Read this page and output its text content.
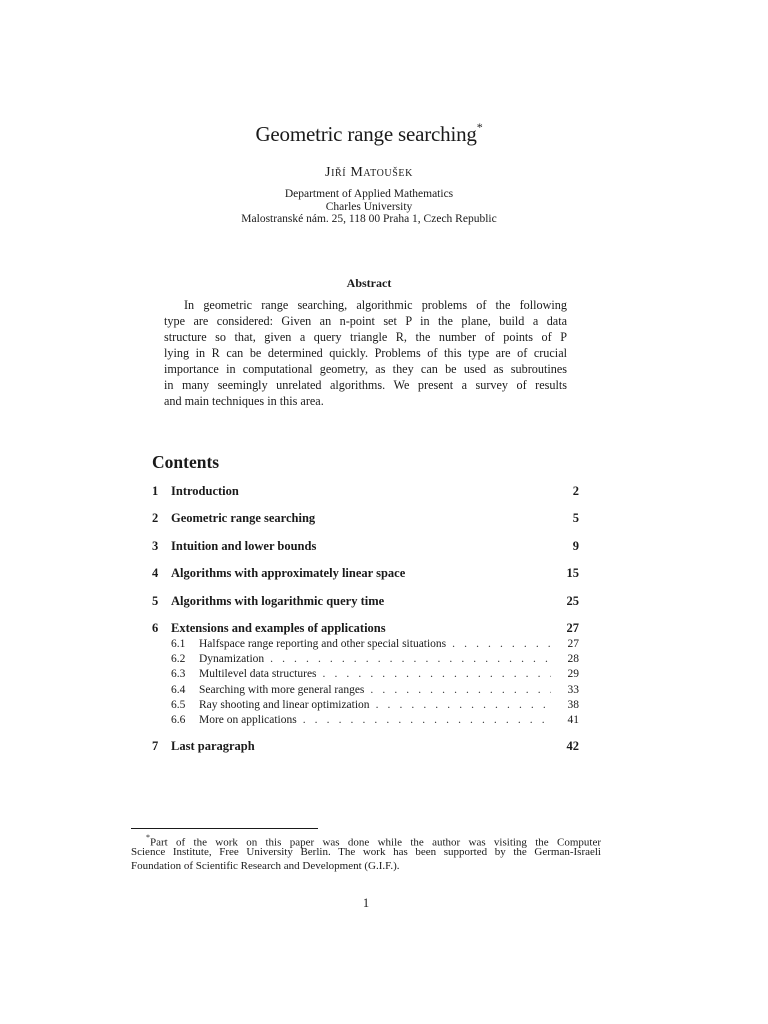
Geometric range searching*
Jiří Matoušek
Department of Applied Mathematics
Charles University
Malostranské nám. 25, 118 00 Praha 1, Czech Republic
Abstract
In geometric range searching, algorithmic problems of the following
type are considered: Given an n-point set P in the plane, build a data
structure so that, given a query triangle R, the number of points of P
lying in R can be determined quickly. Problems of this type are of crucial
importance in computational geometry, as they can be used as subroutines
in many seemingly unrelated algorithms. We present a survey of results
and main techniques in this area.
Contents
1	Introduction	2
2	Geometric range searching	5
3	Intuition and lower bounds	9
4	Algorithms with approximately linear space	15
5	Algorithms with logarithmic query time	25
6	Extensions and examples of applications	27
6.1	Halfspace range reporting and other special situations . . .	27
6.2	Dynamization . . .	28
6.3	Multilevel data structures . . .	29
6.4	Searching with more general ranges . . .	33
6.5	Ray shooting and linear optimization . . .	38
6.6	More on applications . . .	41
7	Last paragraph	42
*Part of the work on this paper was done while the author was visiting the Computer
Science Institute, Free University Berlin. The work has been supported by the German-Israeli
Foundation of Scientific Research and Development (G.I.F.).
1
